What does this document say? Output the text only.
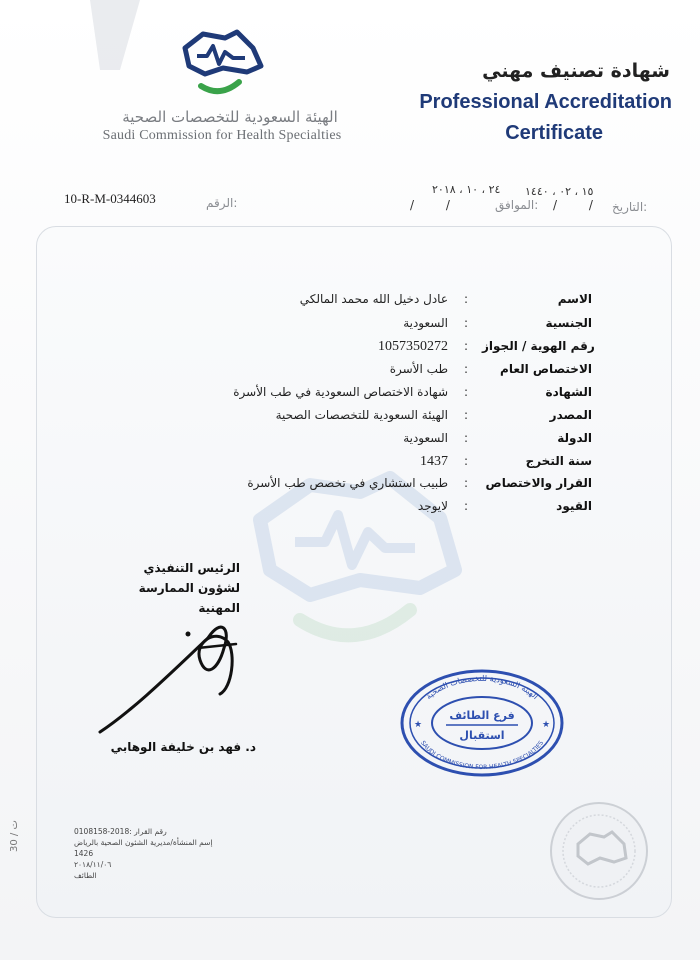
الهيئة السعودية للتخصصات الصحية
Saudi Commission for Health Specialties
شهادة تصنيف مهني
Professional Accreditation
Certificate
10-R-M-0344603	الرقم:
١٥ ، ٠٢ ، ١٤٤٠
/ / التاريخ:
٢٤ ، ١٠ ، ٢٠١٨
/ /	الموافق:
الاسم
:
عادل دخيل الله محمد المالكي
الجنسية
:
السعودية
رقم الهوية / الجواز
:
1057350272
الاختصاص العام
:
طب الأسرة
الشهادة
:
شهادة الاختصاص السعودية في طب الأسرة
المصدر
:
الهيئة السعودية للتخصصات الصحية
الدولة
:
السعودية
سنة التخرج
:
1437
القرار والاختصاص
:
طبيب استشاري في تخصص طب الأسرة
القيود
:
لايوجد
الرئيس التنفيذي
لشؤون الممارسة المهنية
د. فهد بن خليفة الوهابي
الهيئة السعودية للتخصصات الصحية
SAUDI COMMISSION FOR HEALTH SPECIALTIES
فرع الطائف
استقبال
★	★
رقم القرار :2018-0108158
إسم المنشأة/مديرية الشئون الصحية بالرياض
1426
٢٠١٨/١١/٠٦
الطائف
30 / ت
